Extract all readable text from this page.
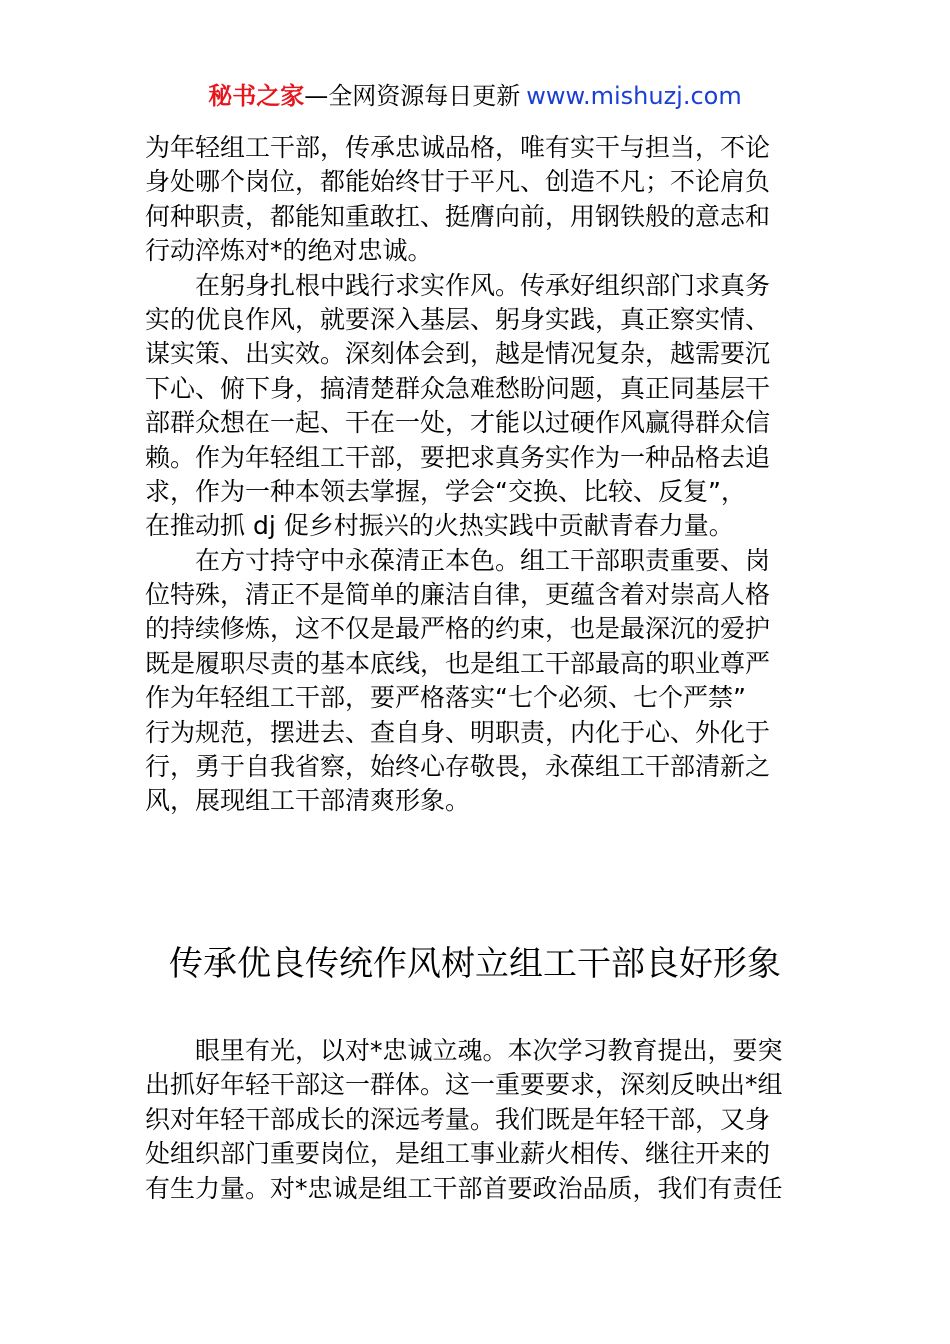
秘书之家—全网资源每日更新 www.mishuzj.com
为年轻组工干部，传承忠诚品格，唯有实干与担当，不论
身处哪个岗位，都能始终甘于平凡、创造不凡；不论肩负
何种职责，都能知重敢扛、挺膺向前，用钢铁般的意志和
行动淬炼对*的绝对忠诚。
在躬身扎根中践行求实作风。传承好组织部门求真务
实的优良作风，就要深入基层、躬身实践，真正察实情、
谋实策、出实效。深刻体会到，越是情况复杂，越需要沉
下心、俯下身，搞清楚群众急难愁盼问题，真正同基层干
部群众想在一起、干在一处，才能以过硬作风赢得群众信
赖。作为年轻组工干部，要把求真务实作为一种品格去追
求，作为一种本领去掌握，学会“交换、比较、反复”，
在推动抓 dj 促乡村振兴的火热实践中贡献青春力量。
在方寸持守中永葆清正本色。组工干部职责重要、岗
位特殊，清正不是简单的廉洁自律，更蕴含着对崇高人格
的持续修炼，这不仅是最严格的约束，也是最深沉的爱护
既是履职尽责的基本底线，也是组工干部最高的职业尊严
作为年轻组工干部，要严格落实“七个必须、七个严禁”
行为规范，摆进去、查自身、明职责，内化于心、外化于
行，勇于自我省察，始终心存敬畏，永葆组工干部清新之
风，展现组工干部清爽形象。
传承优良传统作风树立组工干部良好形象
眼里有光，以对*忠诚立魂。本次学习教育提出，要突
出抓好年轻干部这一群体。这一重要要求，深刻反映出*组
织对年轻干部成长的深远考量。我们既是年轻干部，又身
处组织部门重要岗位，是组工事业薪火相传、继往开来的
有生力量。对*忠诚是组工干部首要政治品质，我们有责任
